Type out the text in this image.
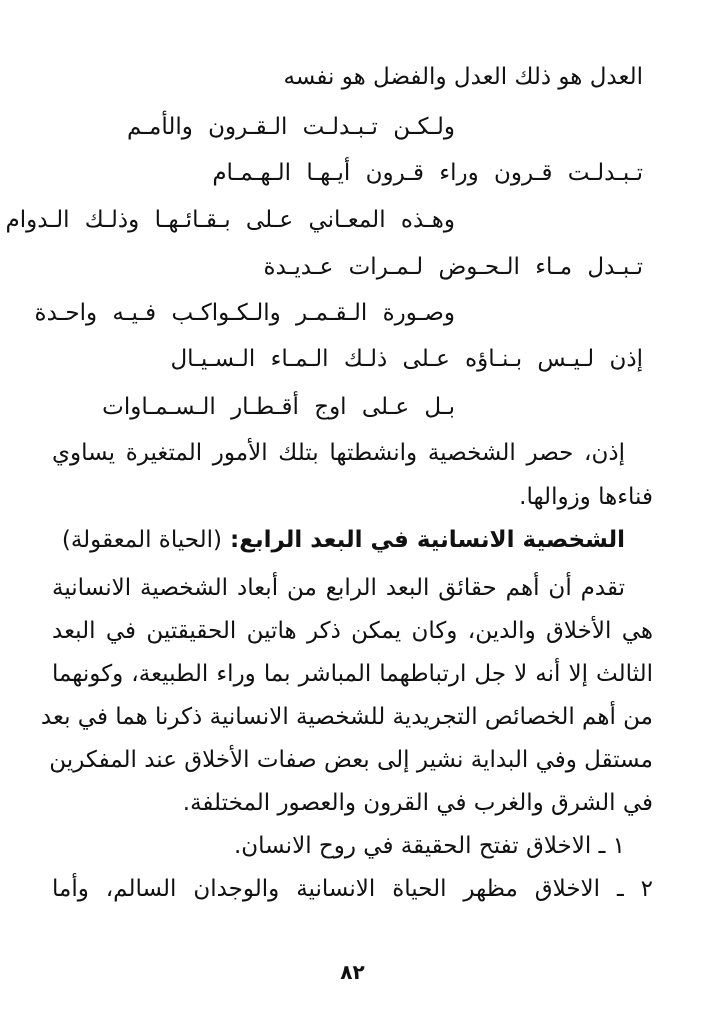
العدل هو ذلك العدل والفضل هو نفسه
ولـكـن تـبـدلـت الـقـرون والأمـم
تـبـدلـت قـرون وراء قـرون أيـهـا الـهـمـام
وهـذه المعـاني عـلى بـقـائـهـا وذلـك الـدوام
تـبـدل مـاء الـحـوض لـمـرات عـديـدة
وصـورة الـقـمـر والـكـواكـب فـيـه واحـدة
إذن لـيـس بـنـاؤه عـلى ذلـك الـمـاء الـسـيـال
بـل عـلى اوج أقـطـار الـسـمـاوات
إذن، حصر الشخصية وانشطتها بتلك الأمور المتغيرة يساوي
فناءها وزوالها.
الشخصية الانسانية في البعد الرابع: (الحياة المعقولة)
تقدم أن أهم حقائق البعد الرابع من أبعاد الشخصية الانسانية
هي الأخلاق والدين، وكان يمكن ذكر هاتين الحقيقتين في البعد
الثالث إلا أنه لا جل ارتباطهما المباشر بما وراء الطبيعة، وكونهما
من أهم الخصائص التجريدية للشخصية الانسانية ذكرنا هما في بعد
مستقل وفي البداية نشير إلى بعض صفات الأخلاق عند المفكرين
في الشرق والغرب في القرون والعصور المختلفة.
١ ـ الاخلاق تفتح الحقيقة في روح الانسان.
٢ ـ الاخلاق مظهر الحياة الانسانية والوجدان السالم، وأما
٨٢
